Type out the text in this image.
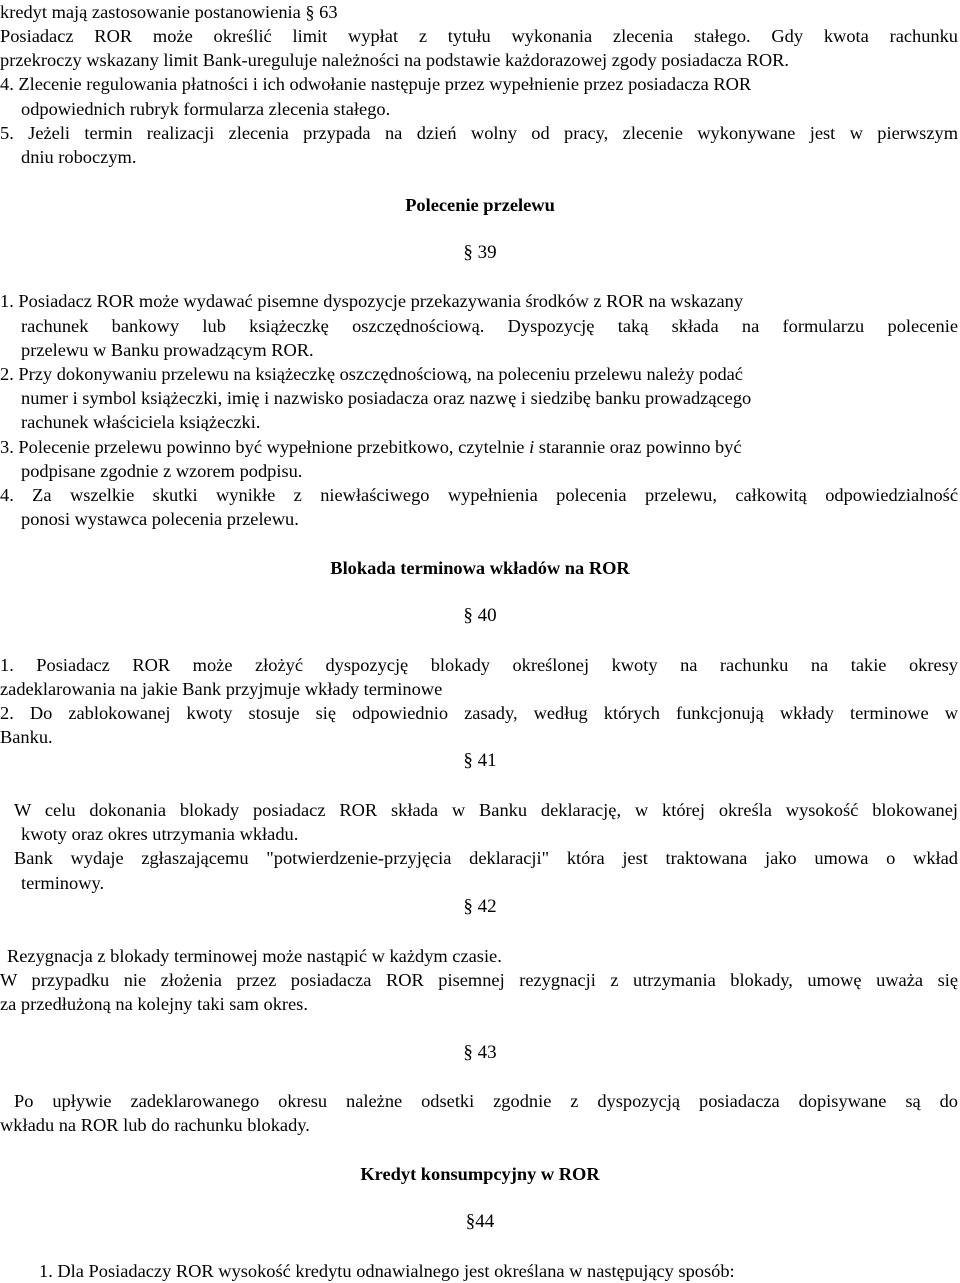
kredyt mają zastosowanie postanowienia § 63
Posiadacz ROR może określić limit wypłat z tytułu wykonania zlecenia stałego. Gdy kwota rachunku
przekroczy wskazany limit Bank-ureguluje należności na podstawie każdorazowej zgody posiadacza ROR.
4. Zlecenie regulowania płatności i ich odwołanie następuje przez wypełnienie przez posiadacza ROR
odpowiednich rubryk formularza zlecenia stałego.
5. Jeżeli termin realizacji zlecenia przypada na dzień wolny od pracy, zlecenie wykonywane jest w pierwszym
dniu roboczym.
Polecenie przelewu
§ 39
1. Posiadacz ROR może wydawać pisemne dyspozycje przekazywania środków z ROR na wskazany
rachunek bankowy lub książeczkę oszczędnościową. Dyspozycję taką składa na formularzu polecenie
przelewu w Banku prowadzącym ROR.
2. Przy dokonywaniu przelewu na książeczkę oszczędnościową, na poleceniu przelewu należy podać
numer i symbol książeczki, imię i nazwisko posiadacza oraz nazwę i siedzibę banku prowadzącego
rachunek właściciela książeczki.
3. Polecenie przelewu powinno być wypełnione przebitkowo, czytelnie i starannie oraz powinno być
podpisane zgodnie z wzorem podpisu.
4. Za wszelkie skutki wynikłe z niewłaściwego wypełnienia polecenia przelewu, całkowitą odpowiedzialność
ponosi wystawca polecenia przelewu.
Blokada terminowa wkładów na ROR
§ 40
1. Posiadacz ROR może złożyć dyspozycję blokady określonej kwoty na rachunku na takie okresy
zadeklarowania na jakie Bank przyjmuje wkłady terminowe
2. Do zablokowanej kwoty stosuje się odpowiednio zasady, według których funkcjonują wkłady terminowe w
Banku.
§ 41
W celu dokonania blokady posiadacz ROR składa w Banku deklarację, w której określa wysokość blokowanej
kwoty oraz okres utrzymania wkładu.
Bank wydaje zgłaszającemu "potwierdzenie-przyjęcia deklaracji" która jest traktowana jako umowa o wkład
terminowy.
§ 42
Rezygnacja z blokady terminowej może nastąpić w każdym czasie.
W przypadku nie złożenia przez posiadacza ROR pisemnej rezygnacji z utrzymania blokady, umowę uważa się
za przedłużoną na kolejny taki sam okres.
§ 43
Po upływie zadeklarowanego okresu należne odsetki zgodnie z dyspozycją posiadacza dopisywane są do
wkładu na ROR lub do rachunku blokady.
Kredyt konsumpcyjny w ROR
§44
1. Dla Posiadaczy ROR wysokość kredytu odnawialnego jest określana w następujący sposób:
